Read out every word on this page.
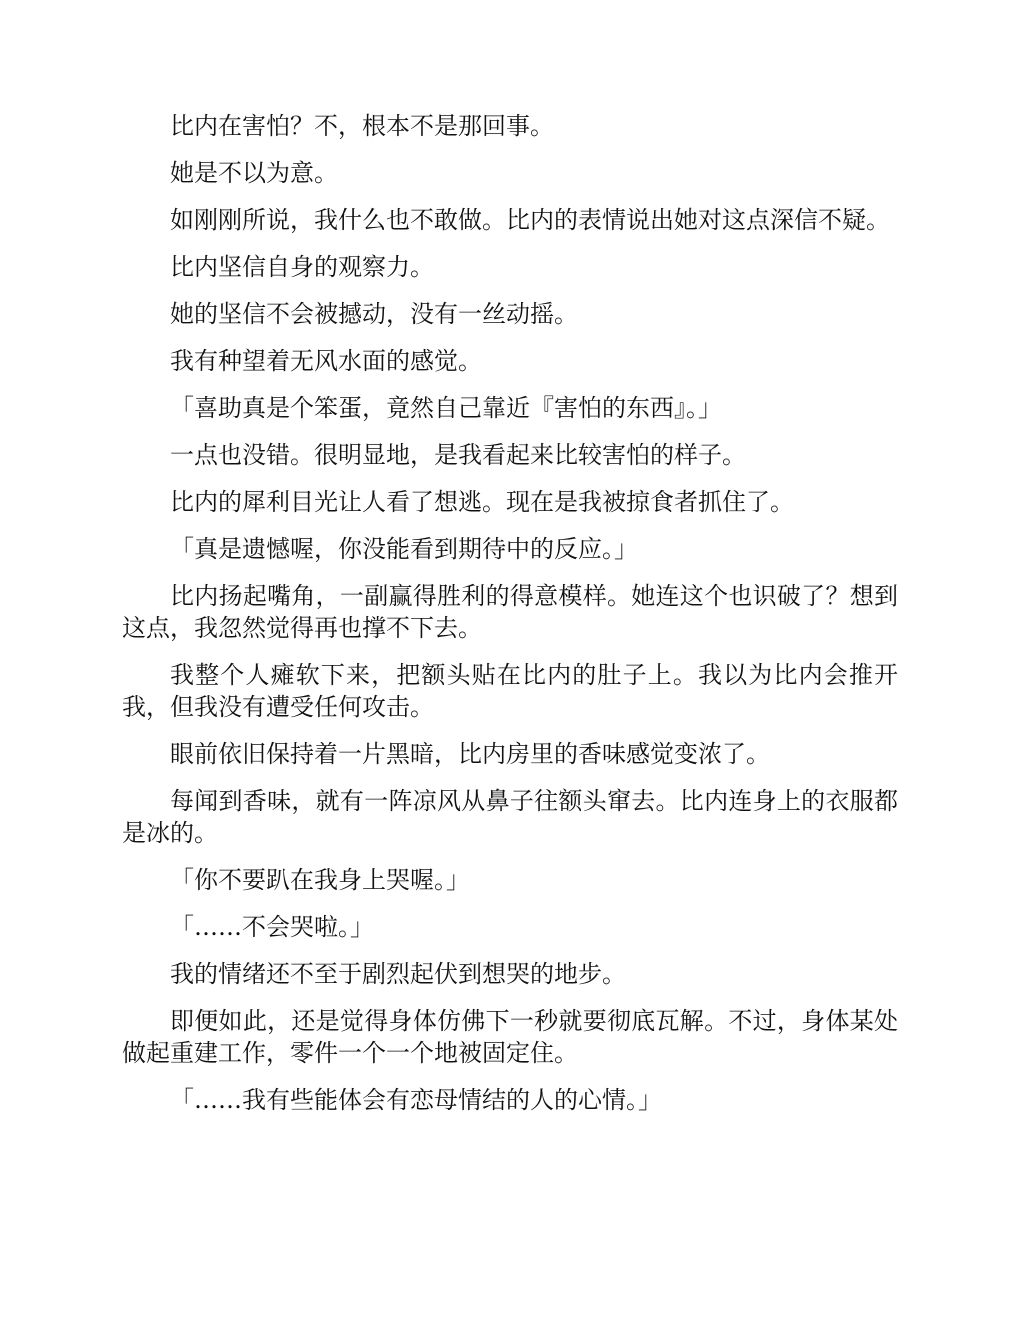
比内在害怕？不，根本不是那回事。

她是不以为意。

如刚刚所说，我什么也不敢做。比内的表情说出她对这点深信不疑。

比内坚信自身的观察力。

她的坚信不会被撼动，没有一丝动摇。

我有种望着无风水面的感觉。

「喜助真是个笨蛋，竟然自己靠近『害怕的东西』。」

一点也没错。很明显地，是我看起来比较害怕的样子。

比内的犀利目光让人看了想逃。现在是我被掠食者抓住了。

「真是遗憾喔，你没能看到期待中的反应。」

比内扬起嘴角，一副赢得胜利的得意模样。她连这个也识破了？想到这点，我忽然觉得再也撑不下去。

我整个人瘫软下来，把额头贴在比内的肚子上。我以为比内会推开我，但我没有遭受任何攻击。

眼前依旧保持着一片黑暗，比内房里的香味感觉变浓了。

每闻到香味，就有一阵凉风从鼻子往额头窜去。比内连身上的衣服都是冰的。

「你不要趴在我身上哭喔。」

「……不会哭啦。」

我的情绪还不至于剧烈起伏到想哭的地步。

即便如此，还是觉得身体仿佛下一秒就要彻底瓦解。不过，身体某处做起重建工作，零件一个一个地被固定住。

「……我有些能体会有恋母情结的人的心情。」
